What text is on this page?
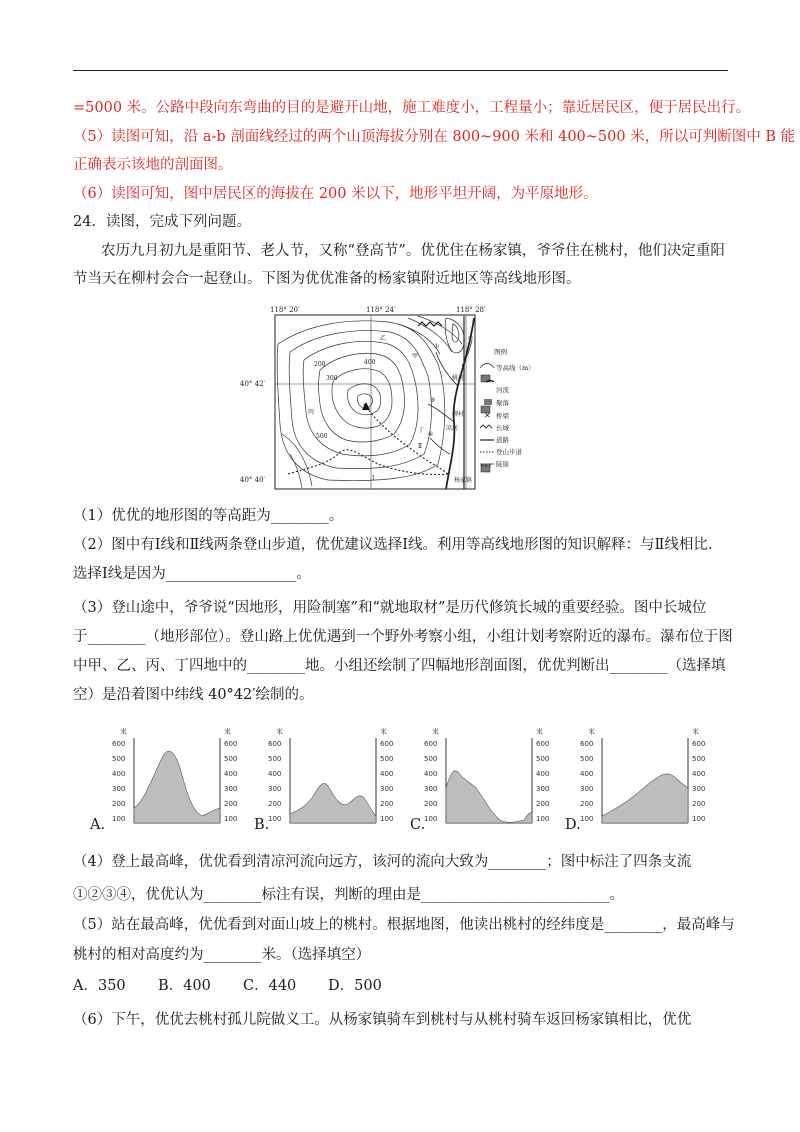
=5000 米。公路中段向东弯曲的目的是避开山地，施工难度小，工程量小；靠近居民区，便于居民出行。
（5）读图可知，沿 a-b 剖面线经过的两个山顶海拔分别在 800~900 米和 400~500 米，所以可判断图中 B 能
正确表示该地的剖面图。
（6）读图可知，图中居民区的海拔在 200 米以下，地形平坦开阔，为平原地形。
24．读图，完成下列问题。
农历九月初九是重阳节、老人节，又称“登高节”。优优住在杨家镇，爷爷住在桃村，他们决定重阳
节当天在柳村会合一起登山。下图为优优准备的杨家镇附近地区等高线地形图。
118° 20′	118° 24′	118° 28′
40° 42′
40° 40′
200
300
400
500
桃村
柳村
杨家镇
凉河
甲
乙
丙
丁
Ⅰ
Ⅱ
①
②
③
④
图例
等高线（m）
河流
聚落
✕ 桥梁
长城
道路
登山步道
陡崖
（1）优优的地形图的等高距为________。
（2）图中有Ⅰ线和Ⅱ线两条登山步道，优优建议选择Ⅰ线。利用等高线地形图的知识解释：与Ⅱ线相比.
选择Ⅰ线是因为__________________。
（3）登山途中，爷爷说“因地形，用险制塞”和“就地取材”是历代修筑长城的重要经验。图中长城位
于________（地形部位）。登山路上优优遇到一个野外考察小组，小组计划考察附近的瀑布。瀑布位于图
中甲、乙、丙、丁四地中的________地。小组还绘制了四幅地形剖面图，优优判断出________（选择填
空）是沿着图中纬线 40°42′绘制的。
米	米
600
500
400
300
200
100
600
500
400
300
200
100
米	米
600
500
400
300
200
100
600
500
400
300
200
100
米	米
600
500
400
300
200
100
600
500
400
300
200
100
米	米
600
500
400
300
200
100
600
500
400
300
200
100
A.	B.	C.	D.
（4）登上最高峰，优优看到清凉河流向远方，该河的流向大致为________；图中标注了四条支流
①②③④，优优认为________标注有误，判断的理由是__________________________。
（5）站在最高峰，优优看到对面山坡上的桃村。根据地图，他读出桃村的经纬度是________，最高峰与
桃村的相对高度约为________米。（选择填空）
A．350 B．400 C．440 D．500
（6）下午，优优去桃村孤儿院做义工。从杨家镇骑车到桃村与从桃村骑车返回杨家镇相比，优优
